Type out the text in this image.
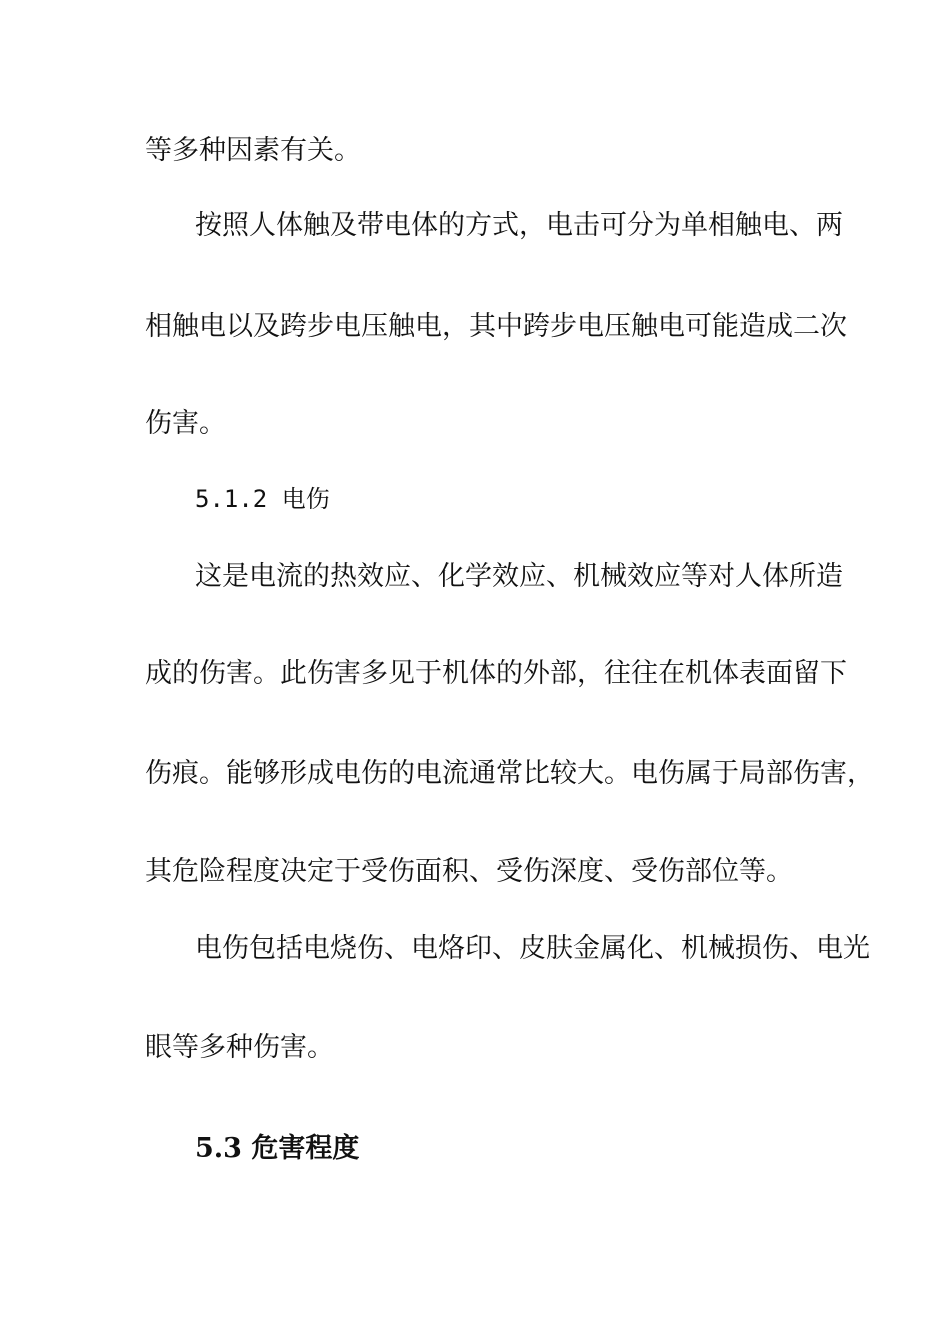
等多种因素有关。
按照人体触及带电体的方式，电击可分为单相触电、两
相触电以及跨步电压触电，其中跨步电压触电可能造成二次
伤害。
5.1.2 电伤
这是电流的热效应、化学效应、机械效应等对人体所造
成的伤害。此伤害多见于机体的外部，往往在机体表面留下
伤痕。能够形成电伤的电流通常比较大。电伤属于局部伤害，
其危险程度决定于受伤面积、受伤深度、受伤部位等。
电伤包括电烧伤、电烙印、皮肤金属化、机械损伤、电光
眼等多种伤害。
5.3 危害程度
